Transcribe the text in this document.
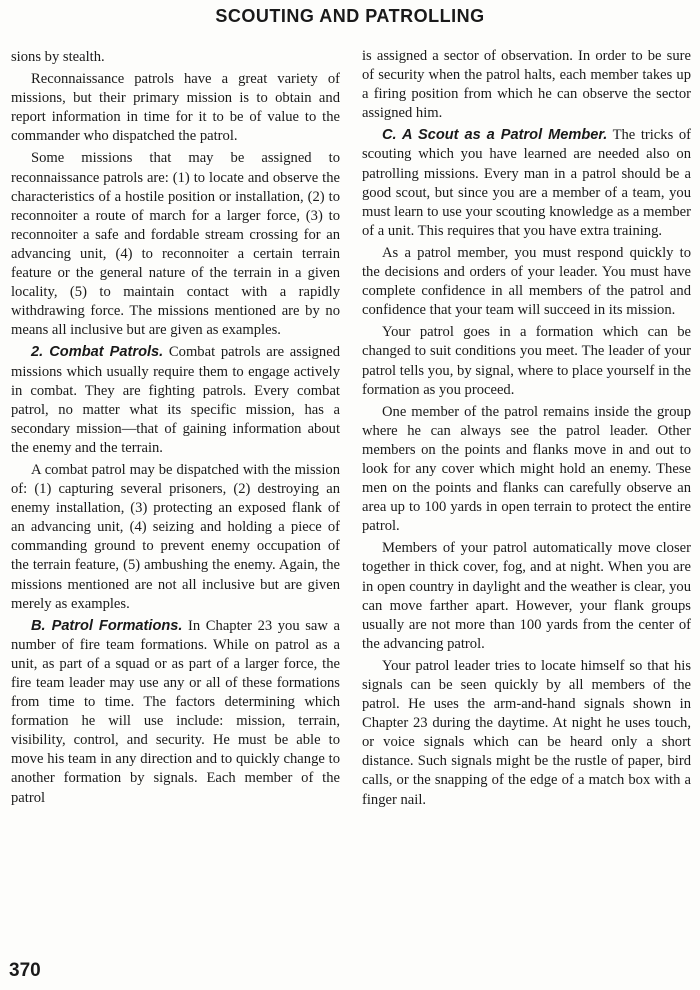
SCOUTING AND PATROLLING

sions by stealth.

Reconnaissance patrols have a great variety of missions, but their primary mission is to obtain and report information in time for it to be of value to the commander who dispatched the patrol.

Some missions that may be assigned to reconnaissance patrols are: (1) to locate and observe the characteristics of a hostile position or installation, (2) to reconnoiter a route of march for a larger force, (3) to reconnoiter a safe and fordable stream crossing for an advancing unit, (4) to reconnoiter a certain terrain feature or the general nature of the terrain in a given locality, (5) to maintain contact with a rapidly withdrawing force. The missions mentioned are by no means all inclusive but are given as examples.

2. Combat Patrols. Combat patrols are assigned missions which usually require them to engage actively in combat. They are fighting patrols. Every combat patrol, no matter what its specific mission, has a secondary mission—that of gaining information about the enemy and the terrain.

A combat patrol may be dispatched with the mission of: (1) capturing several prisoners, (2) destroying an enemy installation, (3) protecting an exposed flank of an advancing unit, (4) seizing and holding a piece of commanding ground to prevent enemy occupation of the terrain feature, (5) ambushing the enemy. Again, the missions mentioned are not all inclusive but are given merely as examples.

B. Patrol Formations. In Chapter 23 you saw a number of fire team formations. While on patrol as a unit, as part of a squad or as part of a larger force, the fire team leader may use any or all of these formations from time to time. The factors determining which formation he will use include: mission, terrain, visibility, control, and security. He must be able to move his team in any direction and to quickly change to another formation by signals. Each member of the patrol

is assigned a sector of observation. In order to be sure of security when the patrol halts, each member takes up a firing position from which he can observe the sector assigned him.

C. A Scout as a Patrol Member. The tricks of scouting which you have learned are needed also on patrolling missions. Every man in a patrol should be a good scout, but since you are a member of a team, you must learn to use your scouting knowledge as a member of a unit. This requires that you have extra training.

As a patrol member, you must respond quickly to the decisions and orders of your leader. You must have complete confidence in all members of the patrol and confidence that your team will succeed in its mission.

Your patrol goes in a formation which can be changed to suit conditions you meet. The leader of your patrol tells you, by signal, where to place yourself in the formation as you proceed.

One member of the patrol remains inside the group where he can always see the patrol leader. Other members on the points and flanks move in and out to look for any cover which might hold an enemy. These men on the points and flanks can carefully observe an area up to 100 yards in open terrain to protect the entire patrol.

Members of your patrol automatically move closer together in thick cover, fog, and at night. When you are in open country in daylight and the weather is clear, you can move farther apart. However, your flank groups usually are not more than 100 yards from the center of the advancing patrol.

Your patrol leader tries to locate himself so that his signals can be seen quickly by all members of the patrol. He uses the arm-and-hand signals shown in Chapter 23 during the daytime. At night he uses touch, or voice signals which can be heard only a short distance. Such signals might be the rustle of paper, bird calls, or the snapping of the edge of a match box with a finger nail.

370
